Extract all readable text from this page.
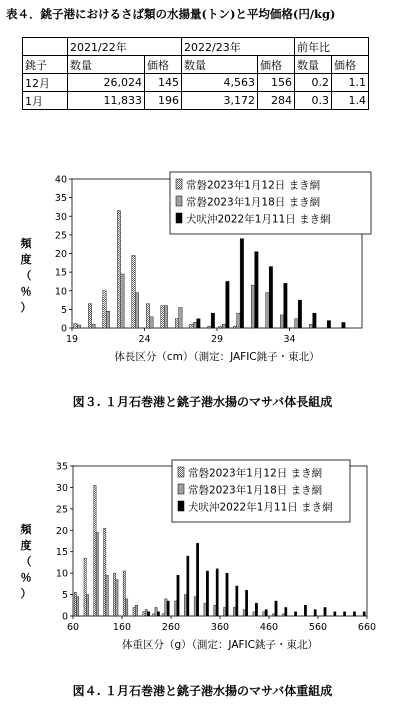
表４．銚子港におけるさば類の水揚量(トン)と平均価格(円/kg)
	2021/22年		2022/23年		前年比	
銚子	数量	価格	数量	価格	数量	価格
12月	26,024	145	4,563	156	0.2	1.1
1月	11,833	196	3,172	284	0.3	1.4
0
5
10
15
20
25
30
35
40
19	24	29	34
頻
度
（
％
）
体長区分（cm）（測定：JAFIC銚子・東北）
常磐2023年1月12日 まき網
常磐2023年1月18日 まき網
犬吠沖2022年1月11日 まき網
図３. １月石巻港と銚子港水揚のマサバ体長組成
0
5
10
15
20
25
30
35
60	160	260	360	460	560	660
頻
度
（
％
）
体重区分（g）（測定：JAFIC銚子・東北）
常磐2023年1月12日 まき網
常磐2023年1月18日 まき網
犬吠沖2022年1月11日 まき網
図４. １月石巻港と銚子港水揚のマサバ体重組成
